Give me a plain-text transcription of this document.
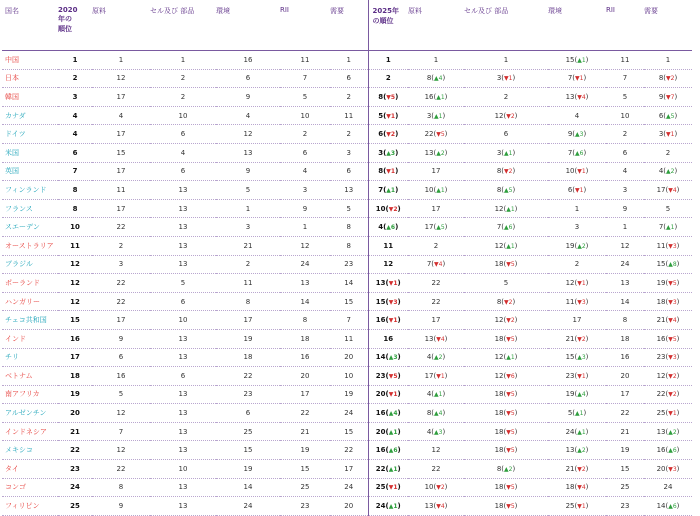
国名	2020
年の
順位	原料	セル及び 部品	環境	RII	需要	2025年
の順位	原料	セル及び 部品	環境	RII	需要
中国	1	1	1	16	11	1	1	1	1	15(▲1)	11	1
日本	2	12	2	6	7	6	2	8(▲4)	3(▼1)	7(▼1)	7	8(▼2)
韓国	3	17	2	9	5	2	8(▼5)	16(▲1)	2	13(▼4)	5	9(▼7)
カナダ	4	4	10	4	10	11	5(▼1)	3(▲1)	12(▼2)	4	10	6(▲5)
ドイツ	4	17	6	12	2	2	6(▼2)	22(▼5)	6	9(▲3)	2	3(▼1)
米国	6	15	4	13	6	3	3(▲3)	13(▲2)	3(▲1)	7(▲6)	6	2
英国	7	17	6	9	4	6	8(▼1)	17	8(▼2)	10(▼1)	4	4(▲2)
フィンランド	8	11	13	5	3	13	7(▲1)	10(▲1)	8(▲5)	6(▼1)	3	17(▼4)
フランス	8	17	13	1	9	5	10(▼2)	17	12(▲1)	1	9	5
スエーデン	10	22	13	3	1	8	4(▲6)	17(▲5)	7(▲6)	3	1	7(▲1)
オーストラリア	11	2	13	21	12	8	11	2	12(▲1)	19(▲2)	12	11(▼3)
ブラジル	12	3	13	2	24	23	12	7(▼4)	18(▼5)	2	24	15(▲8)
ポーランド	12	22	5	11	13	14	13(▼1)	22	5	12(▼1)	13	19(▼5)
ハンガリー	12	22	6	8	14	15	15(▼3)	22	8(▼2)	11(▼3)	14	18(▼3)
チェコ共和国	15	17	10	17	8	7	16(▼1)	17	12(▼2)	17	8	21(▼4)
インド	16	9	13	19	18	11	16	13(▼4)	18(▼5)	21(▼2)	18	16(▼5)
チリ	17	6	13	18	16	20	14(▲3)	4(▲2)	12(▲1)	15(▲3)	16	23(▼3)
ベトナム	18	16	6	22	20	10	23(▼5)	17(▼1)	12(▼6)	23(▼1)	20	12(▼2)
南アフリカ	19	5	13	23	17	19	20(▼1)	4(▲1)	18(▼5)	19(▲4)	17	22(▼2)
アルゼンチン	20	12	13	6	22	24	16(▲4)	8(▲4)	18(▼5)	5(▲1)	22	25(▼1)
インドネシア	21	7	13	25	21	15	20(▲1)	4(▲3)	18(▼5)	24(▲1)	21	13(▲2)
メキシコ	22	12	13	15	19	22	16(▲6)	12	18(▼5)	13(▲2)	19	16(▲6)
タイ	23	22	10	19	15	17	22(▲1)	22	8(▲2)	21(▼2)	15	20(▼3)
コンゴ	24	8	13	14	25	24	25(▼1)	10(▼2)	18(▼5)	18(▼4)	25	24
フィリピン	25	9	13	24	23	20	24(▲1)	13(▼4)	18(▼5)	25(▼1)	23	14(▲6)
